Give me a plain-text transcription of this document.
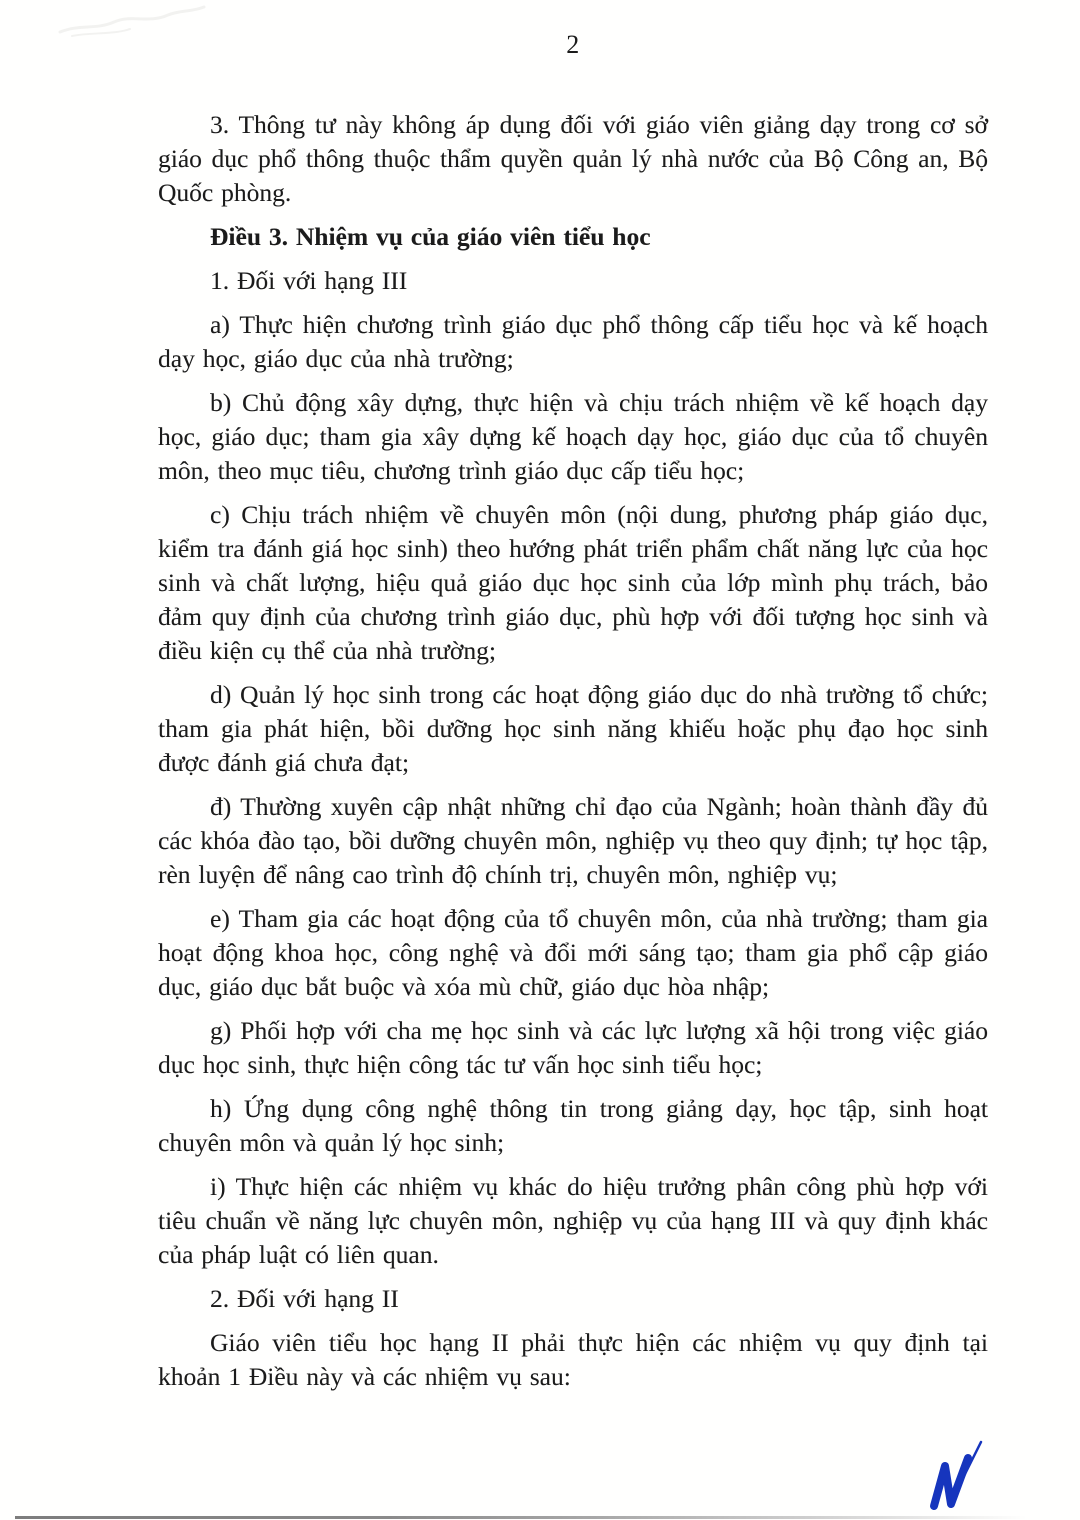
2

3. Thông tư này không áp dụng đối với giáo viên giảng dạy trong cơ sở giáo dục phổ thông thuộc thẩm quyền quản lý nhà nước của Bộ Công an, Bộ Quốc phòng.

Điều 3. Nhiệm vụ của giáo viên tiểu học

1. Đối với hạng III

a) Thực hiện chương trình giáo dục phổ thông cấp tiểu học và kế hoạch dạy học, giáo dục của nhà trường;

b) Chủ động xây dựng, thực hiện và chịu trách nhiệm về kế hoạch dạy học, giáo dục; tham gia xây dựng kế hoạch dạy học, giáo dục của tổ chuyên môn, theo mục tiêu, chương trình giáo dục cấp tiểu học;

c) Chịu trách nhiệm về chuyên môn (nội dung, phương pháp giáo dục, kiểm tra đánh giá học sinh) theo hướng phát triển phẩm chất năng lực của học sinh và chất lượng, hiệu quả giáo dục học sinh của lớp mình phụ trách, bảo đảm quy định của chương trình giáo dục, phù hợp với đối tượng học sinh và điều kiện cụ thể của nhà trường;

d) Quản lý học sinh trong các hoạt động giáo dục do nhà trường tổ chức; tham gia phát hiện, bồi dưỡng học sinh năng khiếu hoặc phụ đạo học sinh được đánh giá chưa đạt;

đ) Thường xuyên cập nhật những chỉ đạo của Ngành; hoàn thành đầy đủ các khóa đào tạo, bồi dưỡng chuyên môn, nghiệp vụ theo quy định; tự học tập, rèn luyện để nâng cao trình độ chính trị, chuyên môn, nghiệp vụ;

e) Tham gia các hoạt động của tổ chuyên môn, của nhà trường; tham gia hoạt động khoa học, công nghệ và đổi mới sáng tạo; tham gia phổ cập giáo dục, giáo dục bắt buộc và xóa mù chữ, giáo dục hòa nhập;

g) Phối hợp với cha mẹ học sinh và các lực lượng xã hội trong việc giáo dục học sinh, thực hiện công tác tư vấn học sinh tiểu học;

h) Ứng dụng công nghệ thông tin trong giảng dạy, học tập, sinh hoạt chuyên môn và quản lý học sinh;

i) Thực hiện các nhiệm vụ khác do hiệu trưởng phân công phù hợp với tiêu chuẩn về năng lực chuyên môn, nghiệp vụ của hạng III và quy định khác của pháp luật có liên quan.

2. Đối với hạng II

Giáo viên tiểu học hạng II phải thực hiện các nhiệm vụ quy định tại khoản 1 Điều này và các nhiệm vụ sau:
